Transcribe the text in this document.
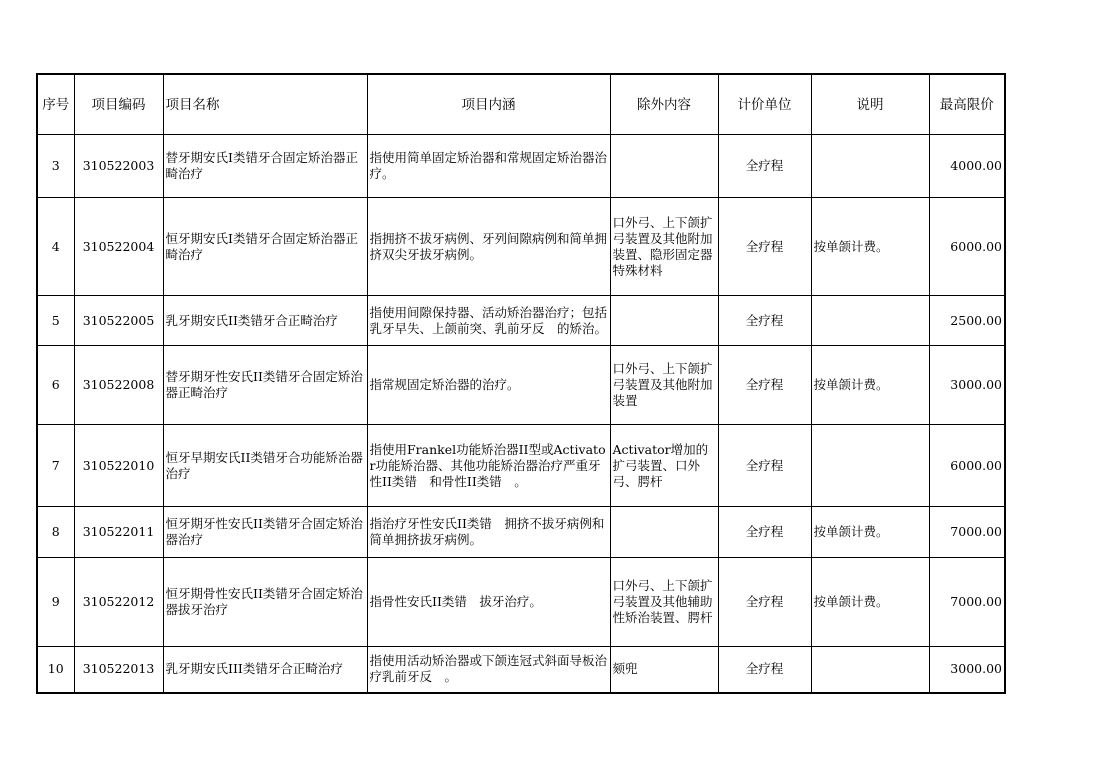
序号	项目编码	项目名称	项目内涵	除外内容	计价单位	说明	最高限价
3	310522003	替牙期安氏I类错牙合固定矫治器正畸治疗	指使用简单固定矫治器和常规固定矫治器治疗。		全疗程		4000.00
4	310522004	恒牙期安氏I类错牙合固定矫治器正畸治疗	指拥挤不拔牙病例、牙列间隙病例和简单拥挤双尖牙拔牙病例。	口外弓、上下颌扩弓装置及其他附加装置、隐形固定器特殊材料	全疗程	按单颌计费。	6000.00
5	310522005	乳牙期安氏II类错牙合正畸治疗	指使用间隙保持器、活动矫治器治疗；包括乳牙早失、上颌前突、乳前牙反　的矫治。		全疗程		2500.00
6	310522008	替牙期牙性安氏II类错牙合固定矫治器正畸治疗	指常规固定矫治器的治疗。	口外弓、上下颌扩弓装置及其他附加装置	全疗程	按单颌计费。	3000.00
7	310522010	恒牙早期安氏II类错牙合功能矫治器治疗	指使用Frankel功能矫治器II型或Activator功能矫治器、其他功能矫治器治疗严重牙性II类错　和骨性II类错　。	Activator增加的扩弓装置、口外弓、腭杆	全疗程		6000.00
8	310522011	恒牙期牙性安氏II类错牙合固定矫治器治疗	指治疗牙性安氏II类错　拥挤不拔牙病例和简单拥挤拔牙病例。		全疗程	按单颌计费。	7000.00
9	310522012	恒牙期骨性安氏II类错牙合固定矫治器拔牙治疗	指骨性安氏II类错　拔牙治疗。	口外弓、上下颌扩弓装置及其他辅助性矫治装置、腭杆	全疗程	按单颌计费。	7000.00
10	310522013	乳牙期安氏III类错牙合正畸治疗	指使用活动矫治器或下颌连冠式斜面导板治疗乳前牙反　。	颏兜	全疗程		3000.00
